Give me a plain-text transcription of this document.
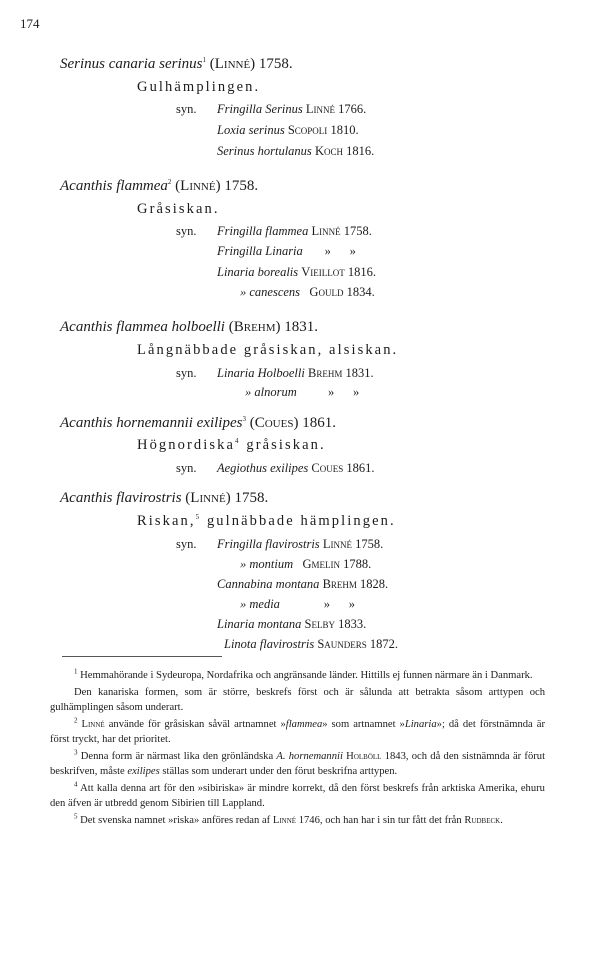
174
Serinus canaria serinus$^1$ (Linné) 1758.
Gulhämplingen.
syn. Fringilla Serinus Linné 1766.
Loxia serinus Scopoli 1810.
Serinus hortulanus Koch 1816.
Acanthis flammea$^2$ (Linné) 1758.
Gråsiskan.
syn. Fringilla flammea Linné 1758.
Fringilla Linaria » »
Linaria borealis Vieillot 1816.
» canescens Gould 1834.
Acanthis flammea holboelli (Brehm) 1831.
Långnäbbade gråsiskan, alsiskan.
syn. Linaria Holboelli Brehm 1831.
» alnorum	» »
Acanthis hornemannii exilipes$^3$ (Coues) 1861.
Högnordiska$^4$ gråsiskan.
syn. Aegiothus exilipes Coues 1861.
Acanthis flavirostris (Linné) 1758.
Riskan,$^5$ gulnäbbade hämplingen.
syn. Fringilla flavirostris Linné 1758.
» montium Gmelin 1788.
Cannabina montana Brehm 1828.
» media	» »
Linaria montana Selby 1833.
Linota flavirostris Saunders 1872.

$^1$ Hemmahörande i Sydeuropa, Nordafrika och angränsande länder. Hittills ej funnen närmare än i Danmark.

Den kanariska formen, som är större, beskrefs först och är sålunda att betrakta såsom arttypen och gulhämplingen såsom underart.

$^2$ Linné använde för gråsiskan såväl artnamnet »flammea» som artnamnet »Linaria»; då det förstnämnda är först tryckt, har det prioritet.

$^3$ Denna form är närmast lika den grönländska A. hornemannii Holböll 1843, och då den sistnämnda är förut beskrifven, måste exilipes ställas som underart under den förut beskrifna arttypen.

$^4$ Att kalla denna art för den »sibiriska» är mindre korrekt, då den först beskrefs från arktiska Amerika, ehuru den äfven är utbredd genom Sibirien till Lappland.

$^5$ Det svenska namnet »riska» anföres redan af Linné 1746, och han har i sin tur fått det från Rudbeck.
